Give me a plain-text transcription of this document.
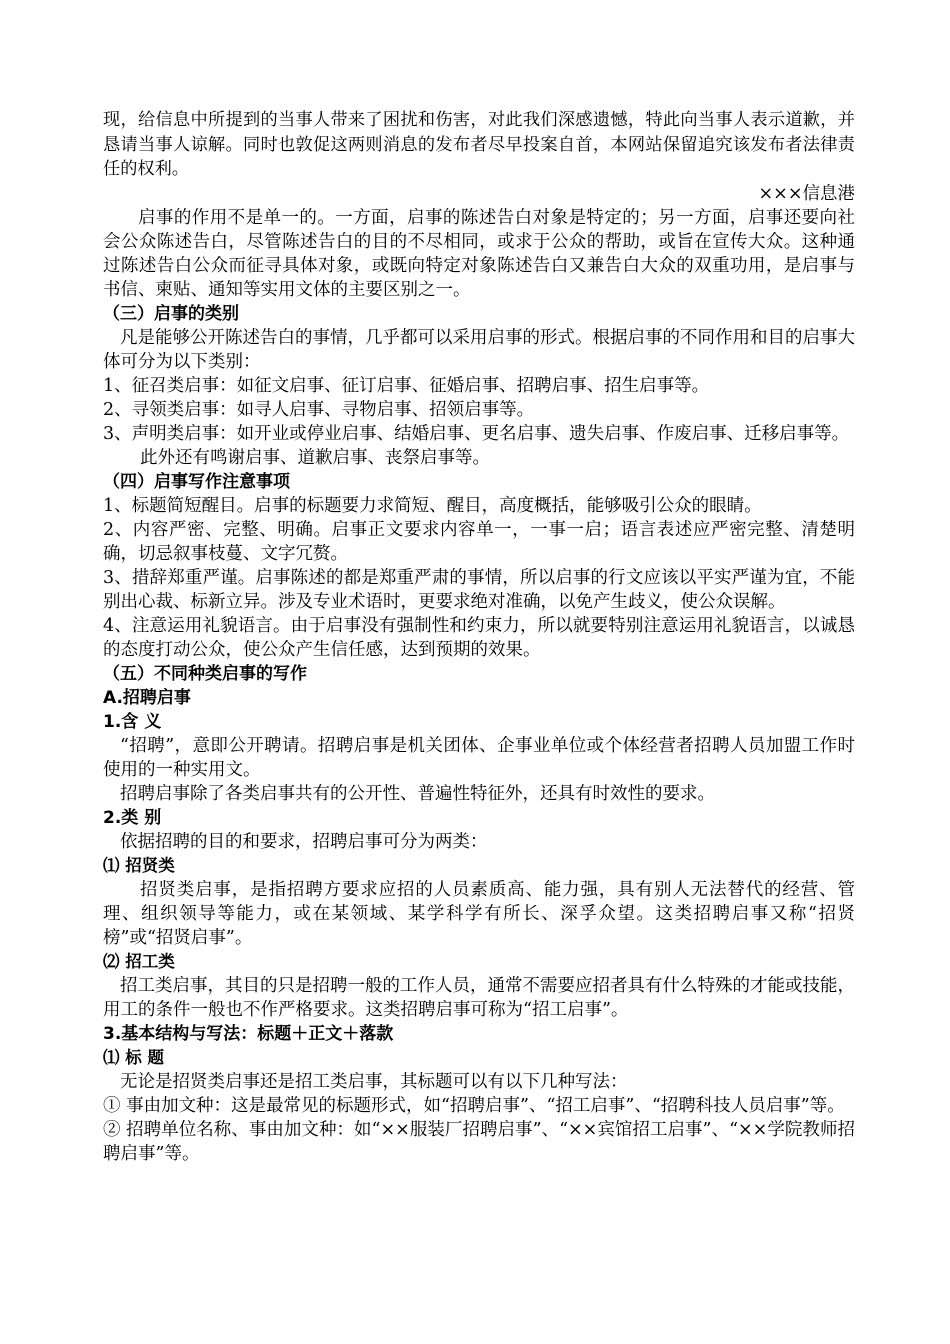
现，给信息中所提到的当事人带来了困扰和伤害，对此我们深感遗憾，特此向当事人表示道歉，并恳请当事人谅解。同时也敦促这两则消息的发布者尽早投案自首，本网站保留追究该发布者法律责任的权利。

×××信息港

启事的作用不是单一的。一方面，启事的陈述告白对象是特定的；另一方面，启事还要向社会公众陈述告白，尽管陈述告白的目的不尽相同，或求于公众的帮助，或旨在宣传大众。这种通过陈述告白公众而征寻具体对象，或既向特定对象陈述告白又兼告白大众的双重功用，是启事与书信、柬贴、通知等实用文体的主要区别之一。

（三）启事的类别

凡是能够公开陈述告白的事情，几乎都可以采用启事的形式。根据启事的不同作用和目的启事大体可分为以下类别：

1、征召类启事：如征文启事、征订启事、征婚启事、招聘启事、招生启事等。

2、寻领类启事：如寻人启事、寻物启事、招领启事等。

3、声明类启事：如开业或停业启事、结婚启事、更名启事、遗失启事、作废启事、迁移启事等。

此外还有鸣谢启事、道歉启事、丧祭启事等。

（四）启事写作注意事项

1、标题简短醒目。启事的标题要力求简短、醒目，高度概括，能够吸引公众的眼睛。

2、内容严密、完整、明确。启事正文要求内容单一，一事一启；语言表述应严密完整、清楚明确，切忌叙事枝蔓、文字冗赘。

3、措辞郑重严谨。启事陈述的都是郑重严肃的事情，所以启事的行文应该以平实严谨为宜，不能别出心裁、标新立异。涉及专业术语时，更要求绝对准确，以免产生歧义，使公众误解。

4、注意运用礼貌语言。由于启事没有强制性和约束力，所以就要特别注意运用礼貌语言，以诚恳的态度打动公众，使公众产生信任感，达到预期的效果。

（五）不同种类启事的写作

A.招聘启事

1.含 义

“招聘”，意即公开聘请。招聘启事是机关团体、企事业单位或个体经营者招聘人员加盟工作时使用的一种实用文。

招聘启事除了各类启事共有的公开性、普遍性特征外，还具有时效性的要求。

2.类 别

依据招聘的目的和要求，招聘启事可分为两类：

⑴ 招贤类

招贤类启事，是指招聘方要求应招的人员素质高、能力强，具有别人无法替代的经营、管理、组织领导等能力，或在某领域、某学科学有所长、深孚众望。这类招聘启事又称“招贤榜”或“招贤启事”。

⑵ 招工类

招工类启事，其目的只是招聘一般的工作人员，通常不需要应招者具有什么特殊的才能或技能，用工的条件一般也不作严格要求。这类招聘启事可称为“招工启事”。

3.基本结构与写法：标题＋正文＋落款

⑴ 标 题

无论是招贤类启事还是招工类启事，其标题可以有以下几种写法：

① 事由加文种：这是最常见的标题形式，如“招聘启事”、“招工启事”、“招聘科技人员启事”等。

② 招聘单位名称、事由加文种：如“××服装厂招聘启事”、“××宾馆招工启事”、“××学院教师招聘启事”等。
